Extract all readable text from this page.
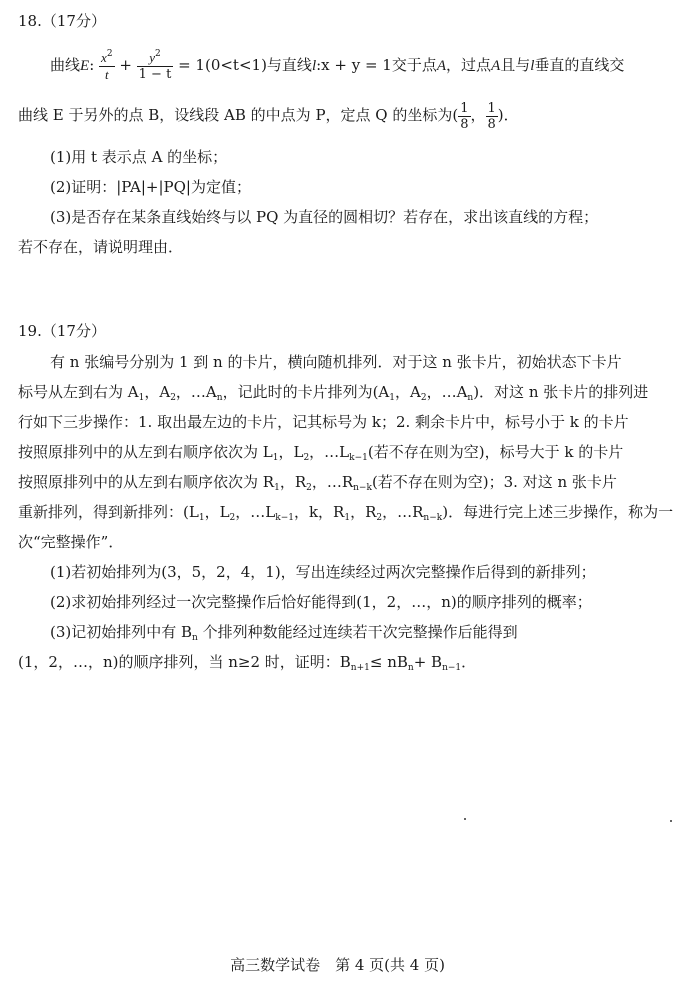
18.（17分）
曲线E: $\frac{x^2}{t} + \frac{y^2}{1 - t} = 1(0<t<1)$与直线l:x + y = 1交于点A，过点A且与l垂直的直线交
曲线 E 于另外的点 B，设线段 AB 的中点为 P，定点 Q 的坐标为( $\frac{1}{8}$ ， $\frac{1}{8}$ )．
(1)用 t 表示点 A 的坐标；
(2)证明：|PA|+|PQ|为定值；
(3)是否存在某条直线始终与以 PQ 为直径的圆相切？若存在，求出该直线的方程；
若不存在，请说明理由．
19.（17分）
有 n 张编号分别为 1 到 n 的卡片，横向随机排列．对于这 n 张卡片，初始状态下卡片
标号从左到右为 $A_1$，$A_2$，$\dots A_n$，记此时的卡片排列为($A_1$，$A_2$，$\dots A_n$)．对这 n 张卡片的排列进
行如下三步操作：1. 取出最左边的卡片，记其标号为 k；2. 剩余卡片中，标号小于 k 的卡片
按照原排列中的从左到右顺序依次为 $L_1$，$L_2$，$\dots L_{k-1}$(若不存在则为空)，标号大于 k 的卡片
按照原排列中的从左到右顺序依次为 $R_1$，$R_2$，$\dots R_{n-k}$(若不存在则为空)；3. 对这 n 张卡片
重新排列，得到新排列：($L_1$，$L_2$，$\dots L_{k-1}$，k，$R_1$，$R_2$，$\dots R_{n-k}$)．每进行完上述三步操作，称为一
次“完整操作”．
(1)若初始排列为(3，5，2，4，1)，写出连续经过两次完整操作后得到的新排列；
(2)求初始排列经过一次完整操作后恰好能得到(1，2，…，n)的顺序排列的概率；
(3)记初始排列中有 $B_n$ 个排列种数能经过连续若干次完整操作后能得到
(1，2，…，n)的顺序排列，当 n≥2 时，证明：$B_{n+1}\le nB_n+ B_{n-1}$．
高三数学试卷　第 4 页(共 4 页)
